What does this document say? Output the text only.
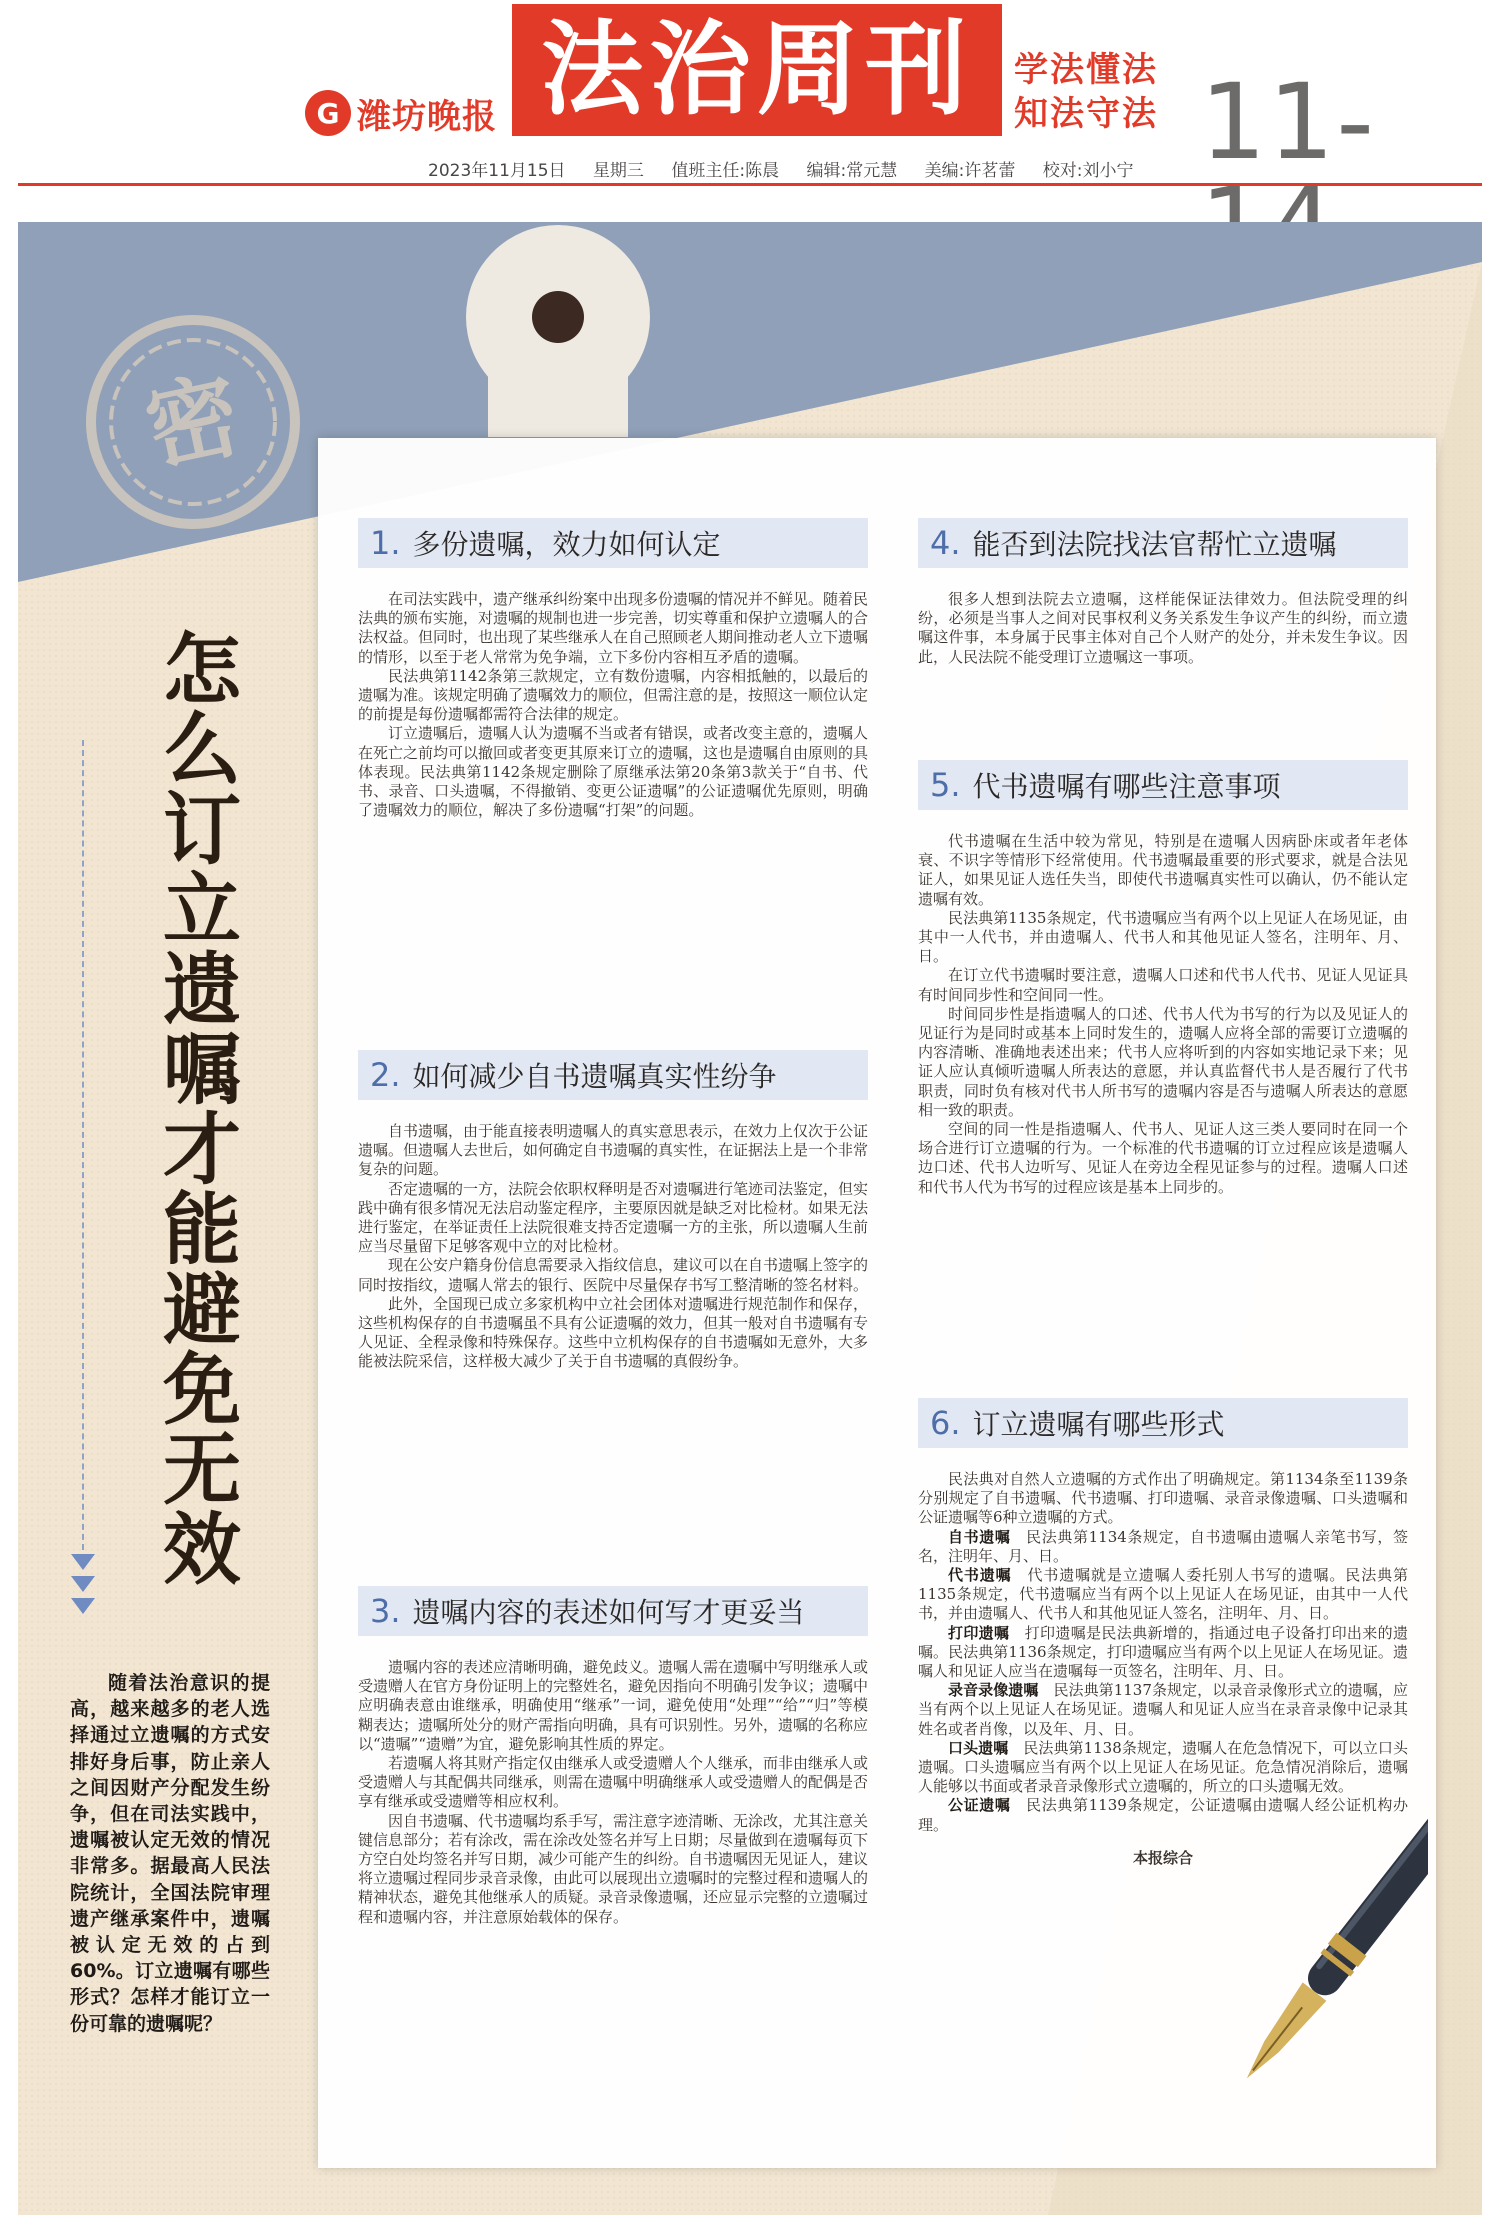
G 潍坊晚报 法治周刊 学法懂法
知法守法 11-
2023年11月15日 星期三 值班主任:陈晨 编辑:常元慧 美编:许茗蕾 校对:刘小宁
密
怎么订立遗嘱才能避免无效
随着法治意识的提高，越来越多的老人选择通过立遗嘱的方式安排好身后事，防止亲人之间因财产分配发生纷争，但在司法实践中，遗嘱被认定无效的情况非常多。据最高人民法院统计，全国法院审理遗产继承案件中，遗嘱被认定无效的占到60%。订立遗嘱有哪些形式？怎样才能订立一份可靠的遗嘱呢？
1. 多份遗嘱，效力如何认定

在司法实践中，遗产继承纠纷案中出现多份遗嘱的情况并不鲜见。随着民法典的颁布实施，对遗嘱的规制也进一步完善，切实尊重和保护立遗嘱人的合法权益。但同时，也出现了某些继承人在自己照顾老人期间推动老人立下遗嘱的情形，以至于老人常常为免争端，立下多份内容相互矛盾的遗嘱。

民法典第1142条第三款规定，立有数份遗嘱，内容相抵触的，以最后的遗嘱为准。该规定明确了遗嘱效力的顺位，但需注意的是，按照这一顺位认定的前提是每份遗嘱都需符合法律的规定。

订立遗嘱后，遗嘱人认为遗嘱不当或者有错误，或者改变主意的，遗嘱人在死亡之前均可以撤回或者变更其原来订立的遗嘱，这也是遗嘱自由原则的具体表现。民法典第1142条规定删除了原继承法第20条第3款关于“自书、代书、录音、口头遗嘱，不得撤销、变更公证遗嘱”的公证遗嘱优先原则，明确了遗嘱效力的顺位，解决了多份遗嘱“打架”的问题。

2. 如何减少自书遗嘱真实性纷争

自书遗嘱，由于能直接表明遗嘱人的真实意思表示，在效力上仅次于公证遗嘱。但遗嘱人去世后，如何确定自书遗嘱的真实性，在证据法上是一个非常复杂的问题。

否定遗嘱的一方，法院会依职权释明是否对遗嘱进行笔迹司法鉴定，但实践中确有很多情况无法启动鉴定程序，主要原因就是缺乏对比检材。如果无法进行鉴定，在举证责任上法院很难支持否定遗嘱一方的主张，所以遗嘱人生前应当尽量留下足够客观中立的对比检材。

现在公安户籍身份信息需要录入指纹信息，建议可以在自书遗嘱上签字的同时按指纹，遗嘱人常去的银行、医院中尽量保存书写工整清晰的签名材料。

此外，全国现已成立多家机构中立社会团体对遗嘱进行规范制作和保存，这些机构保存的自书遗嘱虽不具有公证遗嘱的效力，但其一般对自书遗嘱有专人见证、全程录像和特殊保存。这些中立机构保存的自书遗嘱如无意外，大多能被法院采信，这样极大减少了关于自书遗嘱的真假纷争。

3. 遗嘱内容的表述如何写才更妥当

遗嘱内容的表述应清晰明确，避免歧义。遗嘱人需在遗嘱中写明继承人或受遗赠人在官方身份证明上的完整姓名，避免因指向不明确引发争议；遗嘱中应明确表意由谁继承，明确使用“继承”一词，避免使用“处理”“给”“归”等模糊表达；遗嘱所处分的财产需指向明确，具有可识别性。另外，遗嘱的名称应以“遗嘱”“遗赠”为宜，避免影响其性质的界定。

若遗嘱人将其财产指定仅由继承人或受遗赠人个人继承，而非由继承人或受遗赠人与其配偶共同继承，则需在遗嘱中明确继承人或受遗赠人的配偶是否享有继承或受遗赠等相应权利。

因自书遗嘱、代书遗嘱均系手写，需注意字迹清晰、无涂改，尤其注意关键信息部分；若有涂改，需在涂改处签名并写上日期；尽量做到在遗嘱每页下方空白处均签名并写日期，减少可能产生的纠纷。自书遗嘱因无见证人，建议将立遗嘱过程同步录音录像，由此可以展现出立遗嘱时的完整过程和遗嘱人的精神状态，避免其他继承人的质疑。录音录像遗嘱，还应显示完整的立遗嘱过程和遗嘱内容，并注意原始载体的保存。

4. 能否到法院找法官帮忙立遗嘱

很多人想到法院去立遗嘱，这样能保证法律效力。但法院受理的纠纷，必须是当事人之间对民事权利义务关系发生争议产生的纠纷，而立遗嘱这件事，本身属于民事主体对自己个人财产的处分，并未发生争议。因此，人民法院不能受理订立遗嘱这一事项。

5. 代书遗嘱有哪些注意事项

代书遗嘱在生活中较为常见，特别是在遗嘱人因病卧床或者年老体衰、不识字等情形下经常使用。代书遗嘱最重要的形式要求，就是合法见证人，如果见证人选任失当，即使代书遗嘱真实性可以确认，仍不能认定遗嘱有效。

民法典第1135条规定，代书遗嘱应当有两个以上见证人在场见证，由其中一人代书，并由遗嘱人、代书人和其他见证人签名，注明年、月、日。

在订立代书遗嘱时要注意，遗嘱人口述和代书人代书、见证人见证具有时间同步性和空间同一性。

时间同步性是指遗嘱人的口述、代书人代为书写的行为以及见证人的见证行为是同时或基本上同时发生的，遗嘱人应将全部的需要订立遗嘱的内容清晰、准确地表述出来；代书人应将听到的内容如实地记录下来；见证人应认真倾听遗嘱人所表达的意愿，并认真监督代书人是否履行了代书职责，同时负有核对代书人所书写的遗嘱内容是否与遗嘱人所表达的意愿相一致的职责。

空间的同一性是指遗嘱人、代书人、见证人这三类人要同时在同一个场合进行订立遗嘱的行为。一个标准的代书遗嘱的订立过程应该是遗嘱人边口述、代书人边听写、见证人在旁边全程见证参与的过程。遗嘱人口述和代书人代为书写的过程应该是基本上同步的。

6. 订立遗嘱有哪些形式

民法典对自然人立遗嘱的方式作出了明确规定。第1134条至1139条分别规定了自书遗嘱、代书遗嘱、打印遗嘱、录音录像遗嘱、口头遗嘱和公证遗嘱等6种立遗嘱的方式。

自书遗嘱　 民法典第1134条规定，自书遗嘱由遗嘱人亲笔书写，签名，注明年、月、日。

代书遗嘱　 代书遗嘱就是立遗嘱人委托别人书写的遗嘱。民法典第1135条规定，代书遗嘱应当有两个以上见证人在场见证，由其中一人代书，并由遗嘱人、代书人和其他见证人签名，注明年、月、日。

打印遗嘱　 打印遗嘱是民法典新增的，指通过电子设备打印出来的遗嘱。民法典第1136条规定，打印遗嘱应当有两个以上见证人在场见证。遗嘱人和见证人应当在遗嘱每一页签名，注明年、月、日。

录音录像遗嘱　 民法典第1137条规定，以录音录像形式立的遗嘱，应当有两个以上见证人在场见证。遗嘱人和见证人应当在录音录像中记录其姓名或者肖像，以及年、月、日。

口头遗嘱　 民法典第1138条规定，遗嘱人在危急情况下，可以立口头遗嘱。口头遗嘱应当有两个以上见证人在场见证。危急情况消除后，遗嘱人能够以书面或者录音录像形式立遗嘱的，所立的口头遗嘱无效。

公证遗嘱　 民法典第1139条规定，公证遗嘱由遗嘱人经公证机构办理。

本报综合
